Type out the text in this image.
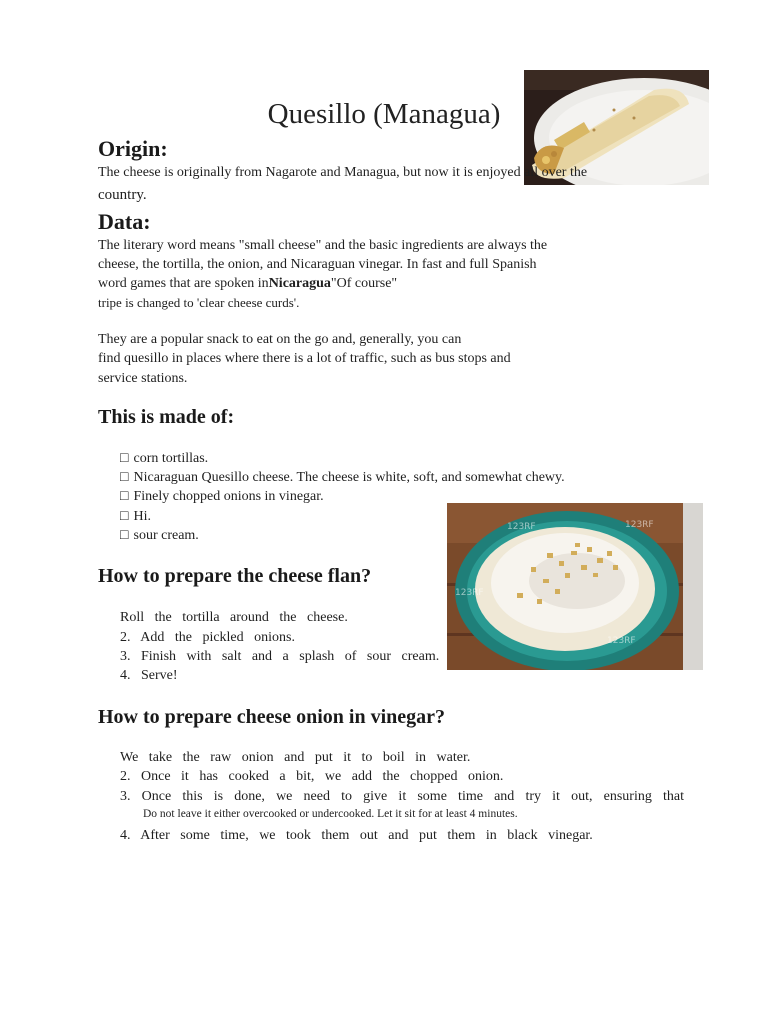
Quesillo (Managua)
Origin:
The cheese is originally from Nagarote and Managua, but now it is enjoyed all over the
country.
Data:
The literary word means "small cheese" and the basic ingredients are always the
cheese, the tortilla, the onion, and Nicaraguan vinegar. In fast and full Spanish
word games that are spoken inNicaragua"Of course"
tripe is changed to 'clear cheese curds'.
They are a popular snack to eat on the go and, generally, you can
find quesillo in places where there is a lot of traffic, such as bus stops and
service stations.
This is made of:
□ corn tortillas.
□ Nicaraguan Quesillo cheese. The cheese is white, soft, and somewhat chewy.
□ Finely chopped onions in vinegar.
□ Hi.
□ sour cream.
123RF
123RF
123RF
123RF
How to prepare the cheese flan?
Roll the tortilla around the cheese.
2. Add the pickled onions.
3. Finish with salt and a splash of sour cream.
4. Serve!
How to prepare cheese onion in vinegar?
We take the raw onion and put it to boil in water.
2. Once it has cooked a bit, we add the chopped onion.
3. Once this is done, we need to give it some time and try it out, ensuring that
Do not leave it either overcooked or undercooked. Let it sit for at least 4 minutes.
4. After some time, we took them out and put them in black vinegar.
